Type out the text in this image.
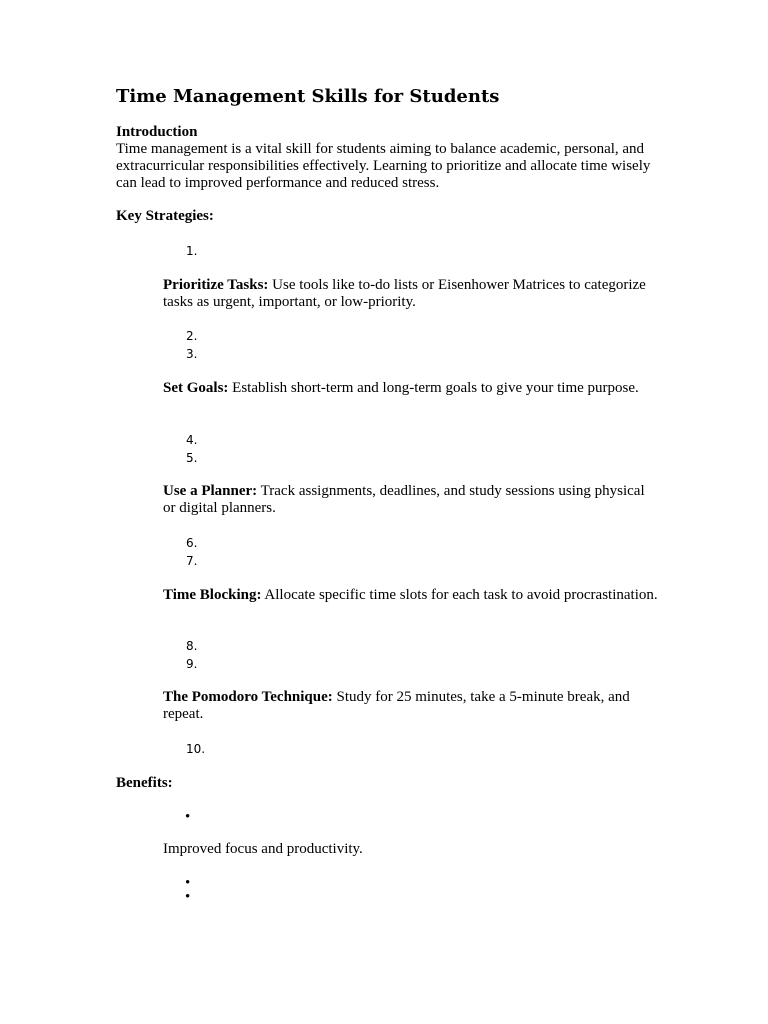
Time Management Skills for Students
Introduction
Time management is a vital skill for students aiming to balance academic, personal, and extracurricular responsibilities effectively. Learning to prioritize and allocate time wisely can lead to improved performance and reduced stress.
Key Strategies:
1.
Prioritize Tasks: Use tools like to-do lists or Eisenhower Matrices to categorize tasks as urgent, important, or low-priority.
2.
3.
Set Goals: Establish short-term and long-term goals to give your time purpose.
4.
5.
Use a Planner: Track assignments, deadlines, and study sessions using physical or digital planners.
6.
7.
Time Blocking: Allocate specific time slots for each task to avoid procrastination.
8.
9.
The Pomodoro Technique: Study for 25 minutes, take a 5-minute break, and repeat.
10.
Benefits:
•
Improved focus and productivity.
•
•
